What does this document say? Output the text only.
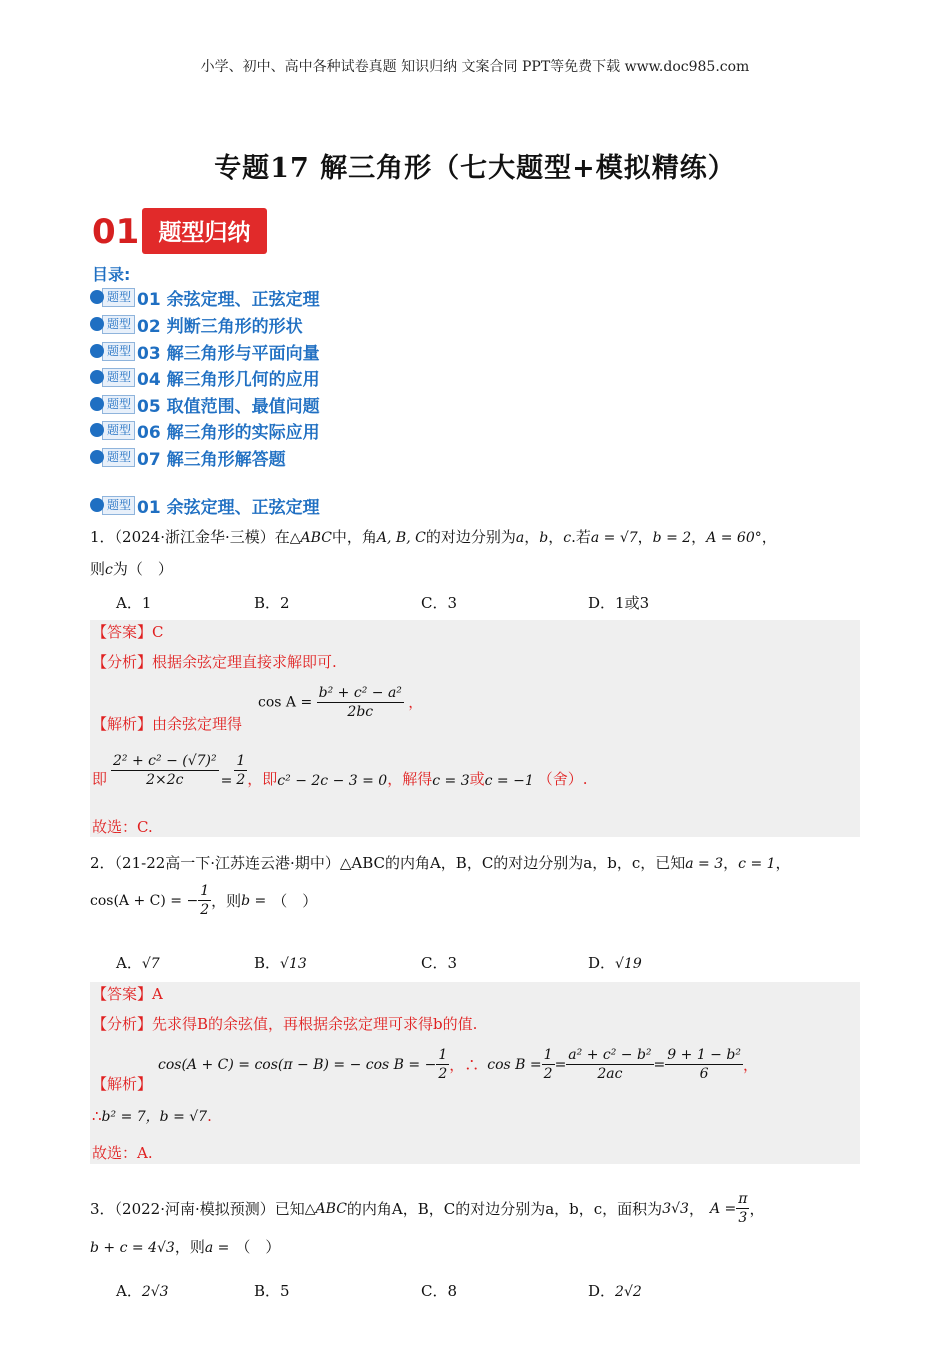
小学、初中、高中各种试卷真题 知识归纳 文案合同 PPT等免费下载 www.doc985.com
专题17 解三角形（七大题型+模拟精练）
01 题型归纳
目录:
题型 01 余弦定理、正弦定理
题型 02 判断三角形的形状
题型 03 解三角形与平面向量
题型 04 解三角形几何的应用
题型 05 取值范围、最值问题
题型 06 解三角形的实际应用
题型 07 解三角形解答题
题型 01 余弦定理、正弦定理
1．（2024·浙江金华·三模）在△ABC中，角A, B, C的对边分别为a，b，c.若a = √7，b = 2，A = 60°，
则c为（　）
A．1	B．2	C．3	D．1或3
【答案】C
【分析】根据余弦定理直接求解即可.
【解析】由余弦定理得
$\cos A = \frac{\text{b² + c² − a²}}{2bc}$ ，
即 $\frac{\text{2² + c² − (√7)²}}{2\times 2c} = \frac{1}{2}$ ，即 c² − 2c − 3 = 0 ，解得 c = 3 或 c = −1 （舍）.
故选：C.
2．（21-22高一下·江苏连云港·期中）△ABC的内角A，B，C的对边分别为a，b，c，已知a = 3，c = 1，
cos(A + C) = − $\frac{1}{2}$ ，则 b = （　）
A．√7	B．√13	C．3	D．√19
【答案】A
【分析】先求得B的余弦值，再根据余弦定理可求得b的值.
【解析】
cos(A + C) = cos(π − B) = − cos B = − $\frac{1}{2}$ ，∴ $\cos B = \frac{1}{2} = \frac{\text{a² + c² − b²}}{2ac} = \frac{\text{9 + 1 − b²}}{6}$ ，
∴b² = 7，b = √7.
故选：A.
3．（2022·河南·模拟预测）已知 △ABC 的内角A，B，C的对边分别为a，b，c，面积为 3√3 ， $A = \frac{\pi}{3}$ ，
b + c = 4√3，则a = （　）
A．2√3	B．5	C．8	D．2√2
